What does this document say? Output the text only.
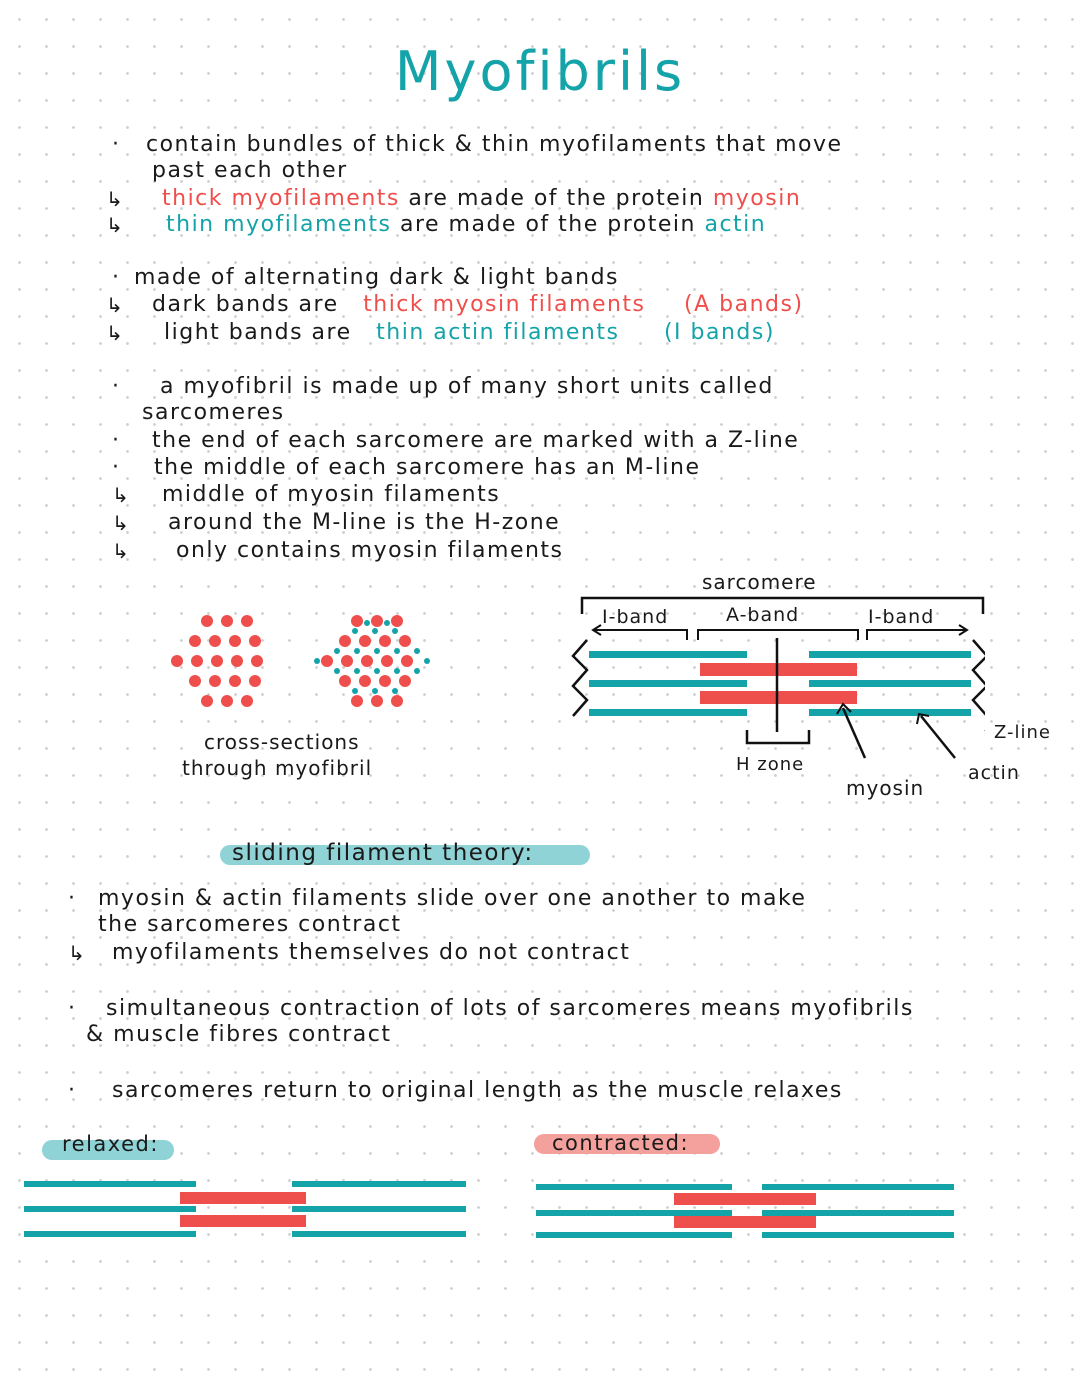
Myofibrils
· contain bundles of thick & thin myofilaments that move
past each other
↳ thick myofilaments are made of the protein myosin
↳ thin myofilaments are made of the protein actin
· made of alternating dark & light bands
↳ dark bands are thick myosin filaments (A bands)
↳ light bands are thin actin filaments (I bands)
· a myofibril is made up of many short units called
sarcomeres
· the end of each sarcomere are marked with a Z-line
· the middle of each sarcomere has an M-line
↳ middle of myosin filaments
↳ around the M-line is the H-zone
↳ only contains myosin filaments
cross-sections
through myofibril
sarcomere
I-band	A-band	I-band
Z-line
H zone
myosin
actin
sliding filament theory:
· myosin & actin filaments slide over one another to make
the sarcomeres contract
↳ myofilaments themselves do not contract
· simultaneous contraction of lots of sarcomeres means myofibrils
& muscle fibres contract
· sarcomeres return to original length as the muscle relaxes
relaxed:	contracted:
